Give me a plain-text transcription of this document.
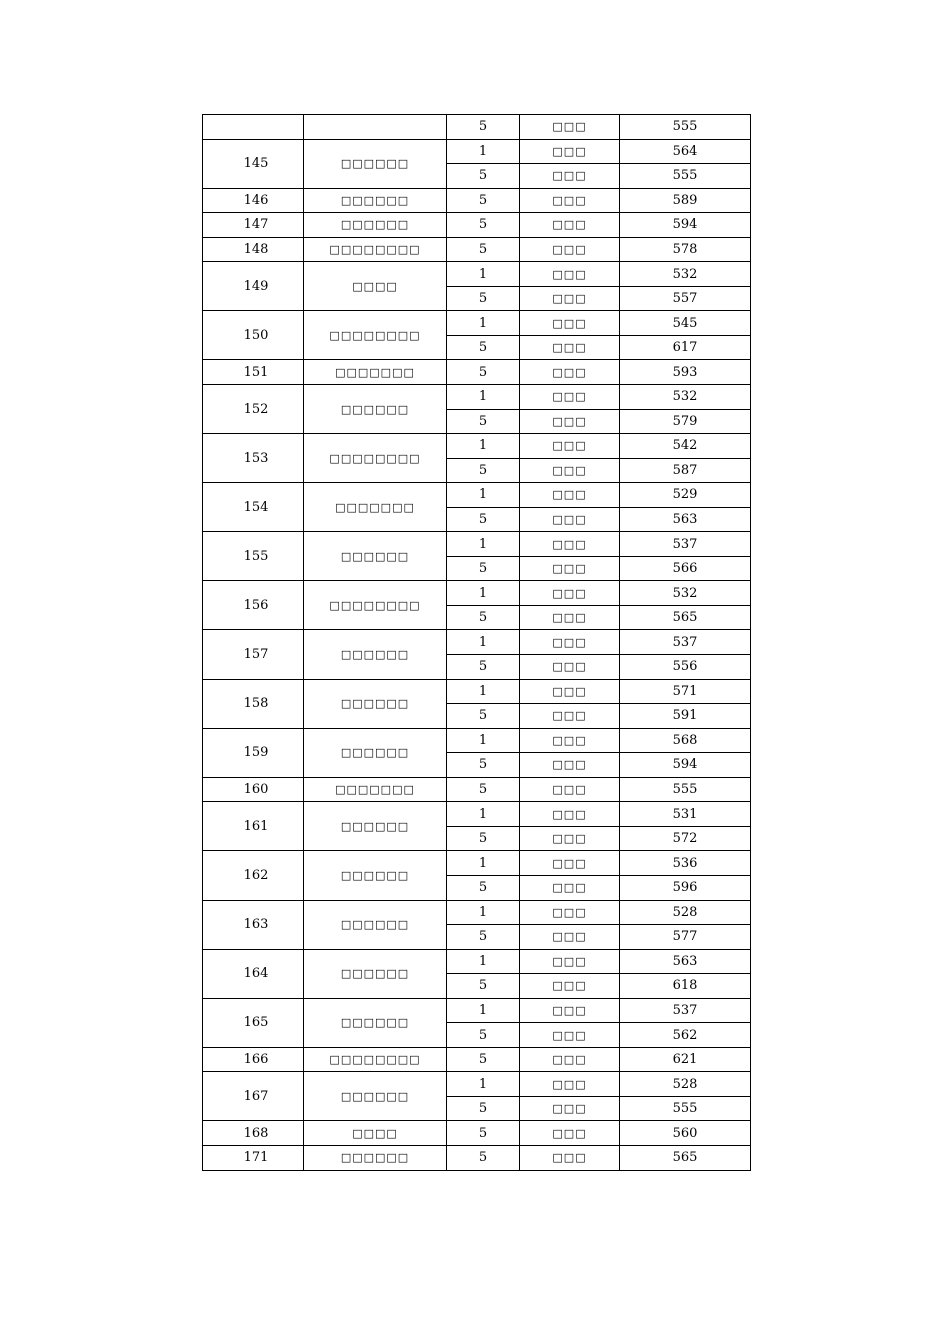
		5	□□□	555
145	□□□□□□	1	□□□	564
		5	□□□	555
146	□□□□□□	5	□□□	589
147	□□□□□□	5	□□□	594
148	□□□□□□□□	5	□□□	578
149	□□□□	1	□□□	532
		5	□□□	557
150	□□□□□□□□	1	□□□	545
		5	□□□	617
151	□□□□□□□	5	□□□	593
152	□□□□□□	1	□□□	532
		5	□□□	579
153	□□□□□□□□	1	□□□	542
		5	□□□	587
154	□□□□□□□	1	□□□	529
		5	□□□	563
155	□□□□□□	1	□□□	537
		5	□□□	566
156	□□□□□□□□	1	□□□	532
		5	□□□	565
157	□□□□□□	1	□□□	537
		5	□□□	556
158	□□□□□□	1	□□□	571
		5	□□□	591
159	□□□□□□	1	□□□	568
		5	□□□	594
160	□□□□□□□	5	□□□	555
161	□□□□□□	1	□□□	531
		5	□□□	572
162	□□□□□□	1	□□□	536
		5	□□□	596
163	□□□□□□	1	□□□	528
		5	□□□	577
164	□□□□□□	1	□□□	563
		5	□□□	618
165	□□□□□□	1	□□□	537
		5	□□□	562
166	□□□□□□□□	5	□□□	621
167	□□□□□□	1	□□□	528
		5	□□□	555
168	□□□□	5	□□□	560
171	□□□□□□	5	□□□	565
